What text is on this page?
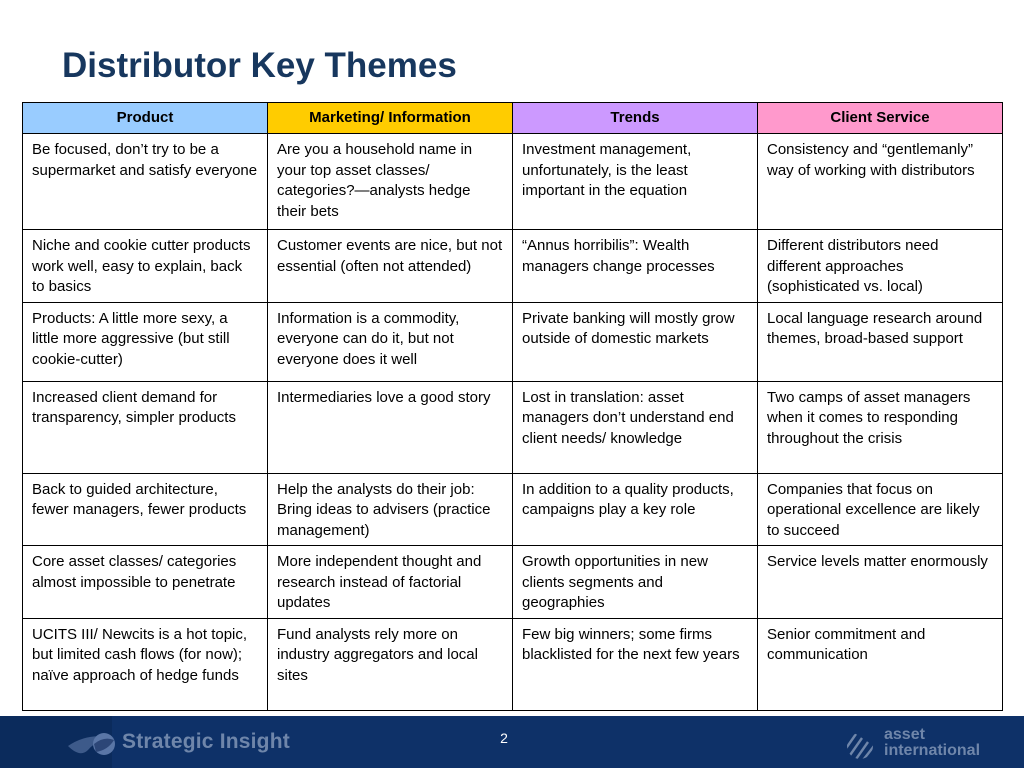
Distributor Key Themes
Product	Marketing/ Information	Trends	Client Service
Be focused, don’t try to be a supermarket and satisfy everyone	Are you a household name in your top asset classes/ categories?—analysts hedge their bets	Investment management, unfortunately, is the least important in the equation	Consistency and “gentlemanly” way of working with distributors
Niche and cookie cutter products work well, easy to explain, back to basics	Customer events are nice, but not essential (often not attended)	“Annus horribilis”: Wealth managers change processes	Different distributors need different approaches (sophisticated vs. local)
Products: A little more sexy, a little more aggressive (but still cookie-cutter)	Information is a commodity, everyone can do it, but not everyone does it well	Private banking will mostly grow outside of domestic markets	Local language research around themes, broad-based support
Increased client demand for transparency, simpler products	Intermediaries love a good story	Lost in translation: asset managers don’t understand end client needs/ knowledge	Two camps of asset managers when it comes to responding throughout the crisis
Back to guided architecture, fewer managers, fewer products	Help the analysts do their job: Bring ideas to advisers (practice management)	In addition to a quality products, campaigns play a key role	Companies that focus on operational excellence are likely to succeed
Core asset classes/ categories almost impossible to penetrate	More independent thought and research instead of factorial updates	Growth opportunities in new clients segments and geographies	Service levels matter enormously
UCITS III/ Newcits is a hot topic, but limited cash flows (for now); naïve approach of hedge funds	Fund analysts rely more on industry aggregators and local sites	Few big winners; some firms blacklisted for the next few years	Senior commitment and communication
Strategic Insight	2	asset
international
